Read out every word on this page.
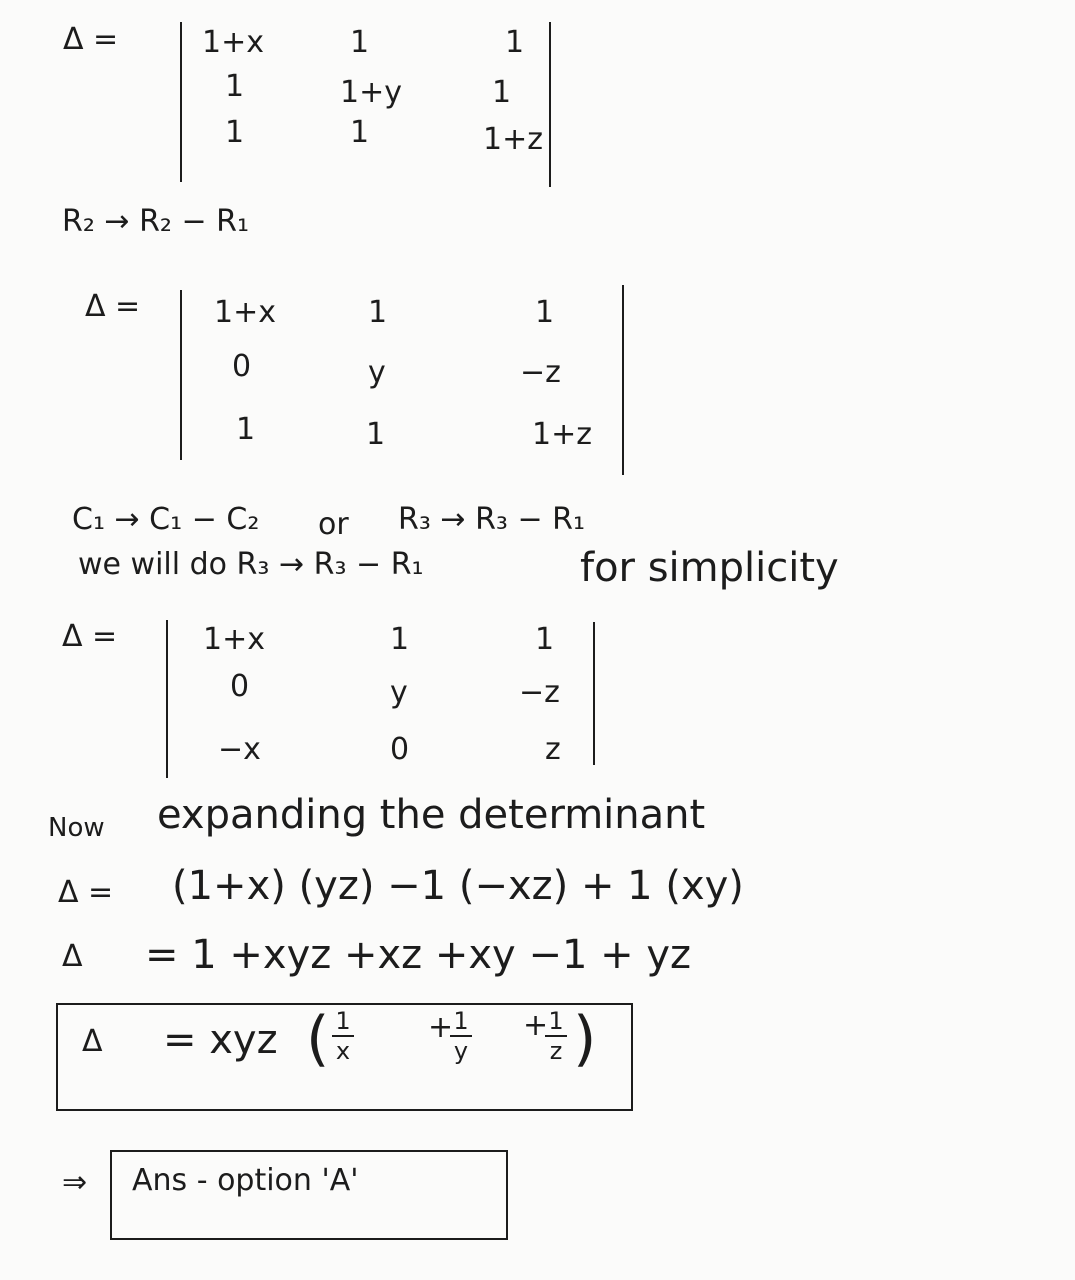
Δ =	1+x	1	1
1	1+y	1
1	1	1+z
R₂ → R₂ − R₁
Δ = 1+x	1	1
0	y	−z
1	1	1+z
C₁ → C₁ − C₂ or R₃ → R₃ − R₁
we will do R₃ → R₃ − R₁	for simplicity
Δ =	1+x	1	1
0	y	−z
−x	0	z
Now expanding the determinant
Δ = (1+x) (yz) −1 (−xz) + 1 (xy)
Δ = 1 +xyz +xz +xy −1 + yz
Δ = xyz ( 1
x
+ 1
y
+ 1
z )
⇒ Ans - option 'A'
